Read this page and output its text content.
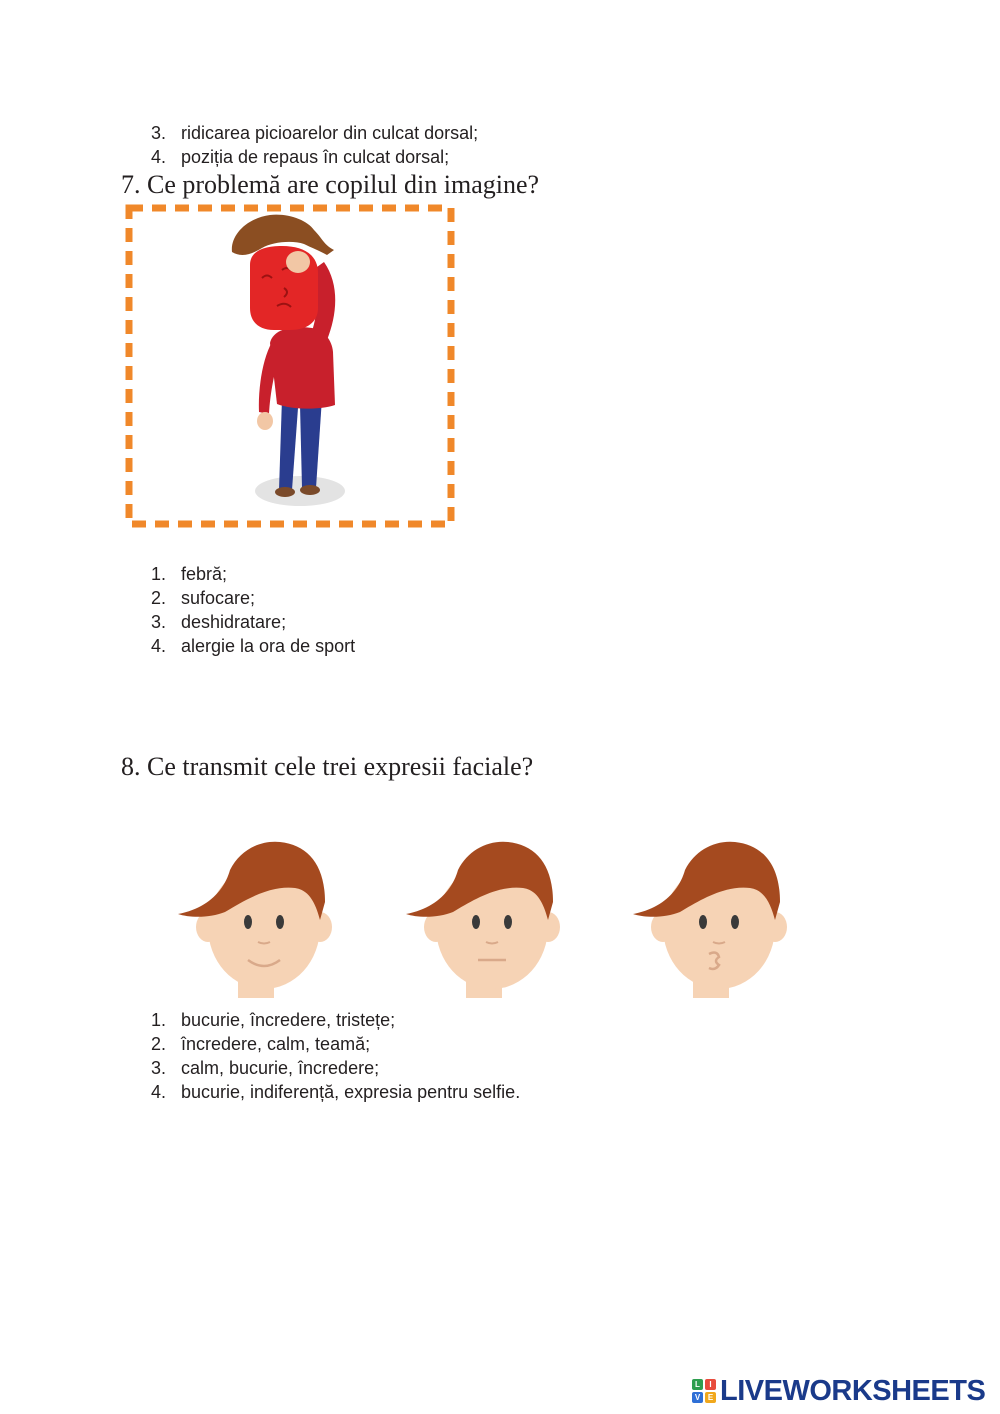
3. ridicarea picioarelor din culcat dorsal;
4. poziția de repaus în culcat dorsal;
7. Ce problemă are copilul din imagine?
1. febră;
2. sufocare;
3. deshidratare;
4. alergie la ora de sport
8. Ce transmit cele trei expresii faciale?
1. bucurie, încredere, tristețe;
2. încredere, calm, teamă;
3. calm, bucurie, încredere;
4. bucurie, indiferență, expresia pentru selfie.
L	I
V E LIVEWORKSHEETS
